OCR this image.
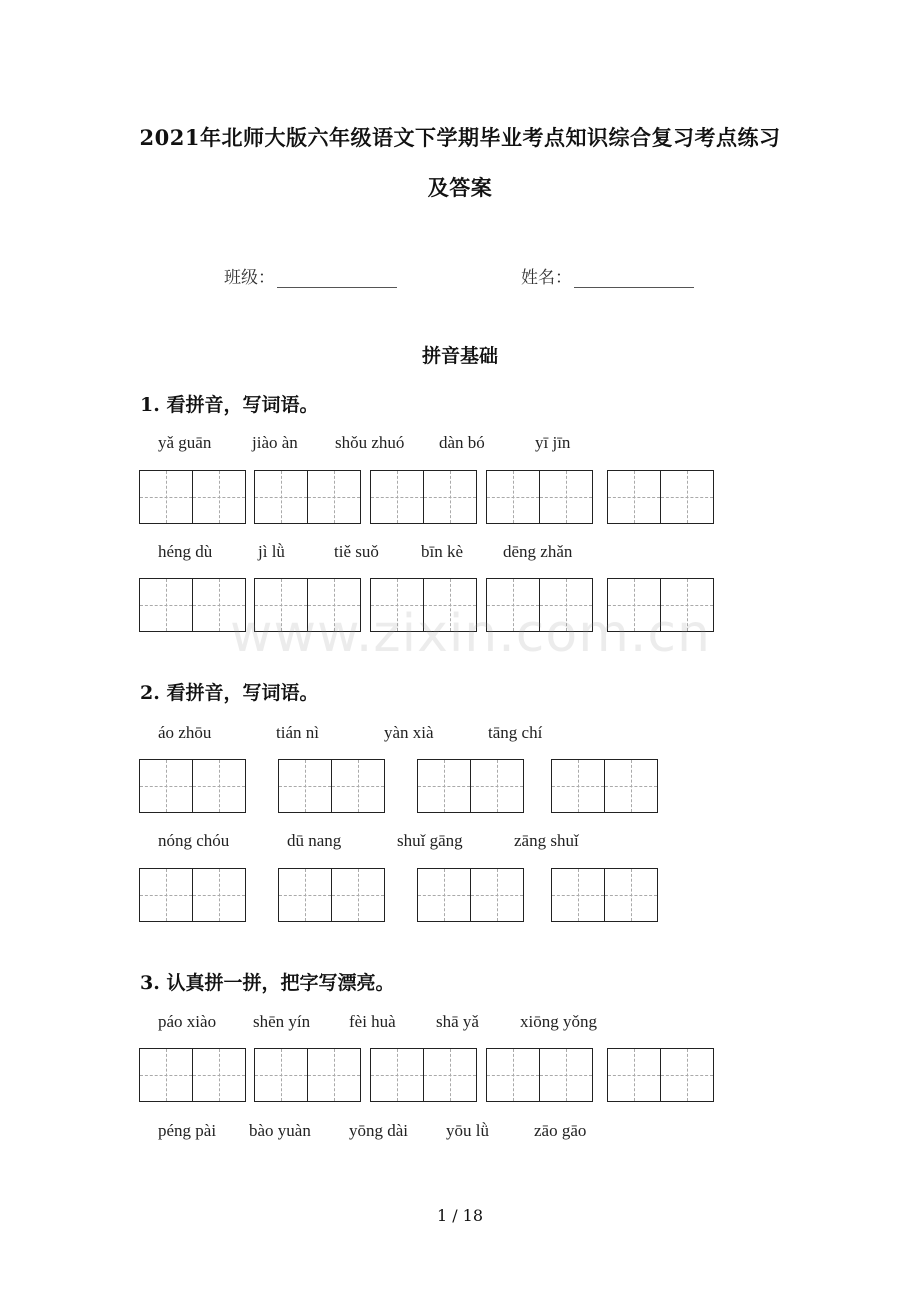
2021年北师大版六年级语文下学期毕业考点知识综合复习考点练习
及答案
班级：	姓名：
拼音基础
1. 看拼音，写词语。
yǎ guān jiào àn shǒu zhuó dàn bó	yī jīn
héng dù	jì lǜ	tiě suǒ bīn kè dēng zhǎn
www.zixin.com.cn
2. 看拼音，写词语。
áo zhōu	tián nì	yàn xià	tāng chí
nóng chóu	dū nang	shuǐ gāng	zāng shuǐ
3. 认真拼一拼，把字写漂亮。
páo xiào shēn yín fèi huà shā yǎ xiōng yǒng
péng pài bào yuàn yōng dài yōu lǜ	zāo gāo
1 / 18
